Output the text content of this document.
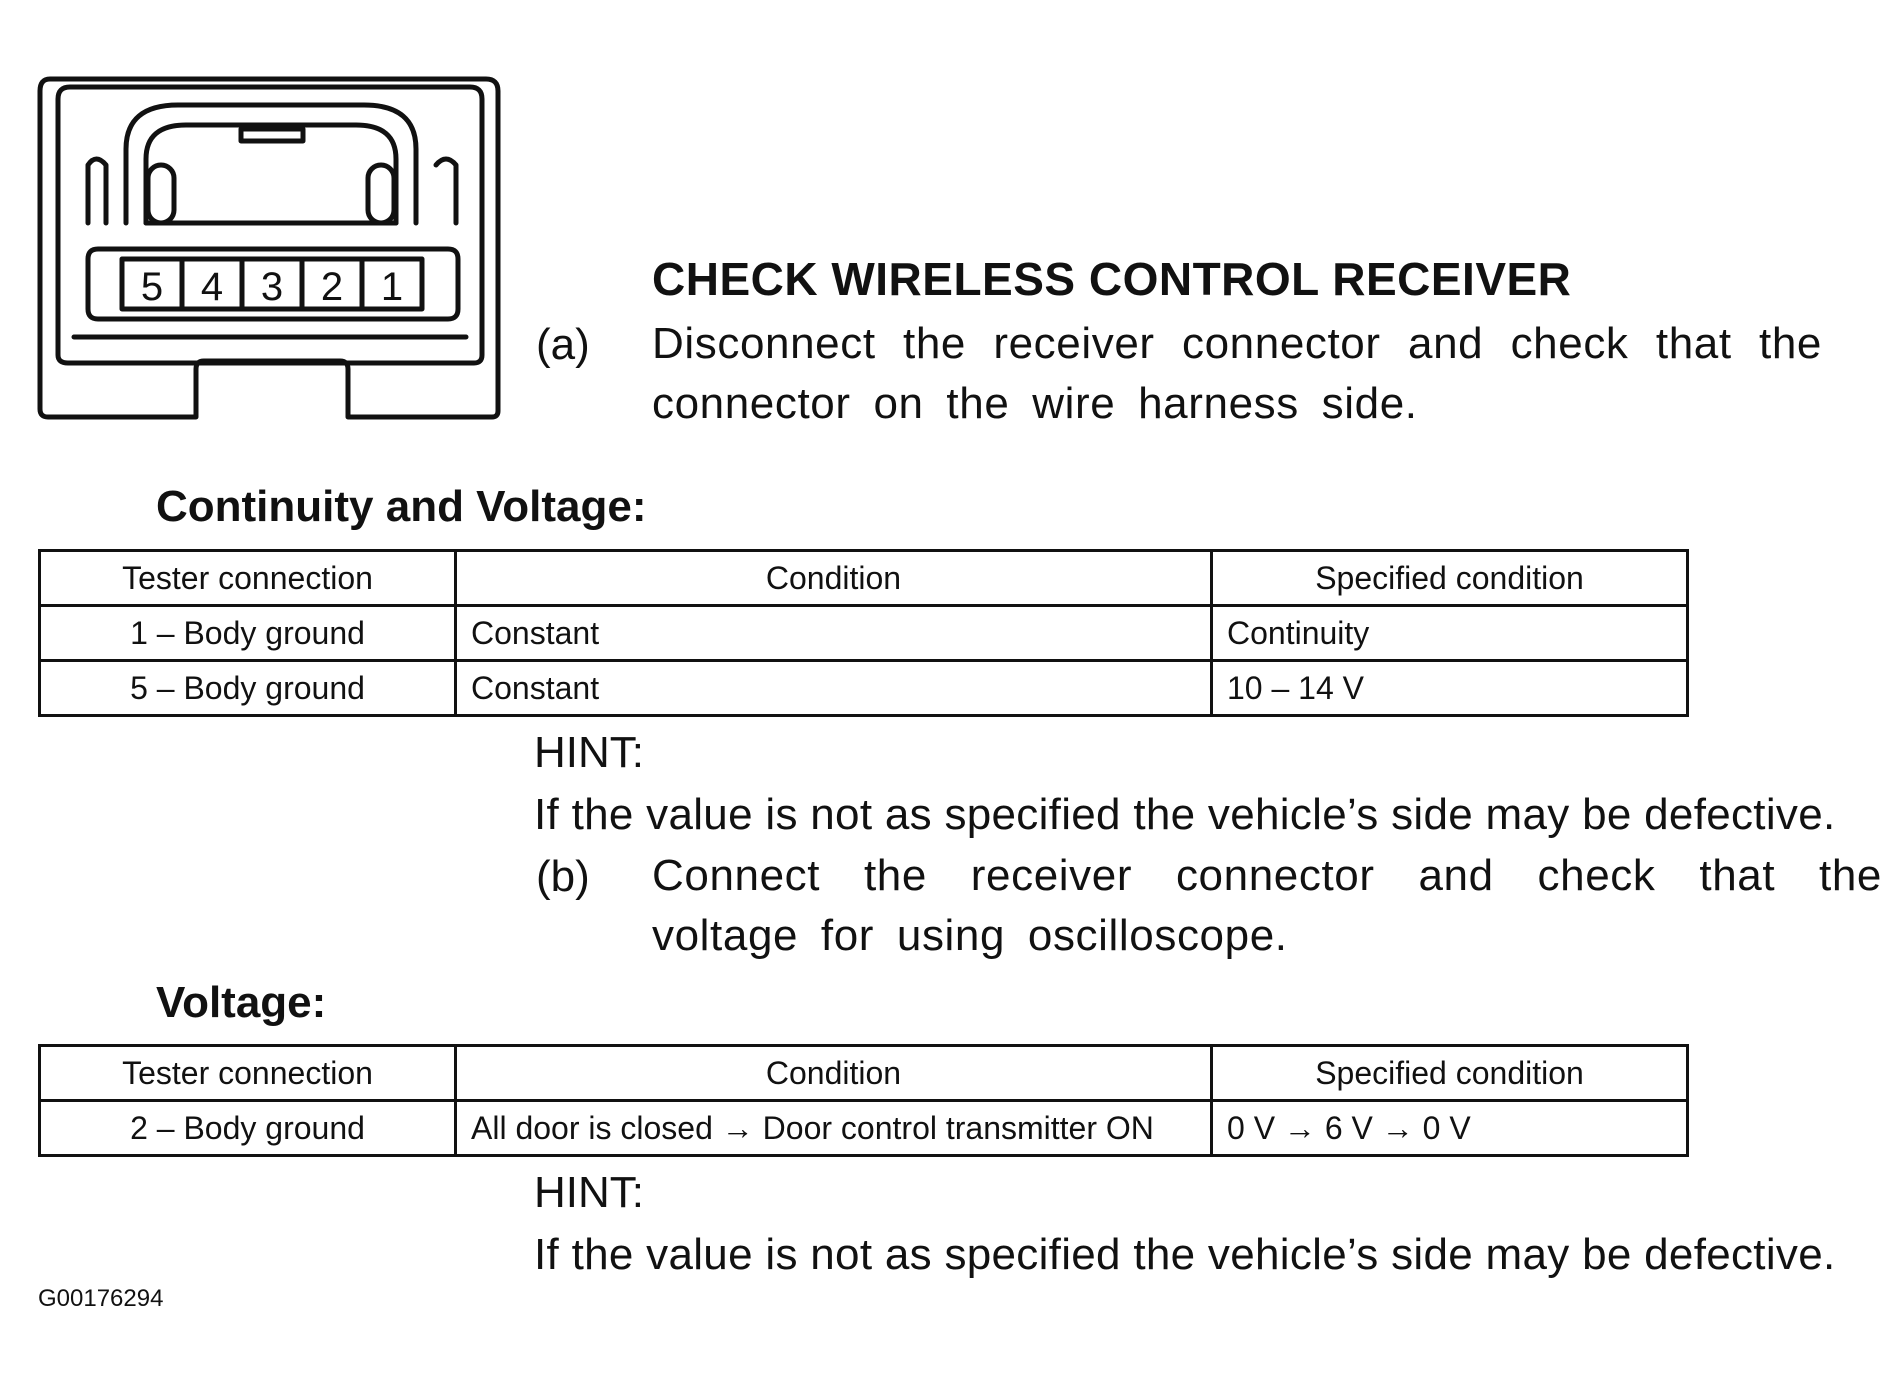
5 4 3 2 1	CHECK WIRELESS CONTROL RECEIVER
(a) Disconnect the receiver connector and check that the connector on the wire harness side.
Continuity and Voltage:
Tester connection	Condition	Specified condition
1 – Body ground	Constant	Continuity
5 – Body ground	Constant	10 – 14 V
HINT:
If the value is not as specified the vehicle’s side may be defective.
(b) Connect the receiver connector and check that the voltage for using oscilloscope.
Voltage:
Tester connection	Condition	Specified condition
2 – Body ground	All door is closed → Door control transmitter ON	0 V → 6 V → 0 V
HINT:
If the value is not as specified the vehicle’s side may be defective.
G00176294
